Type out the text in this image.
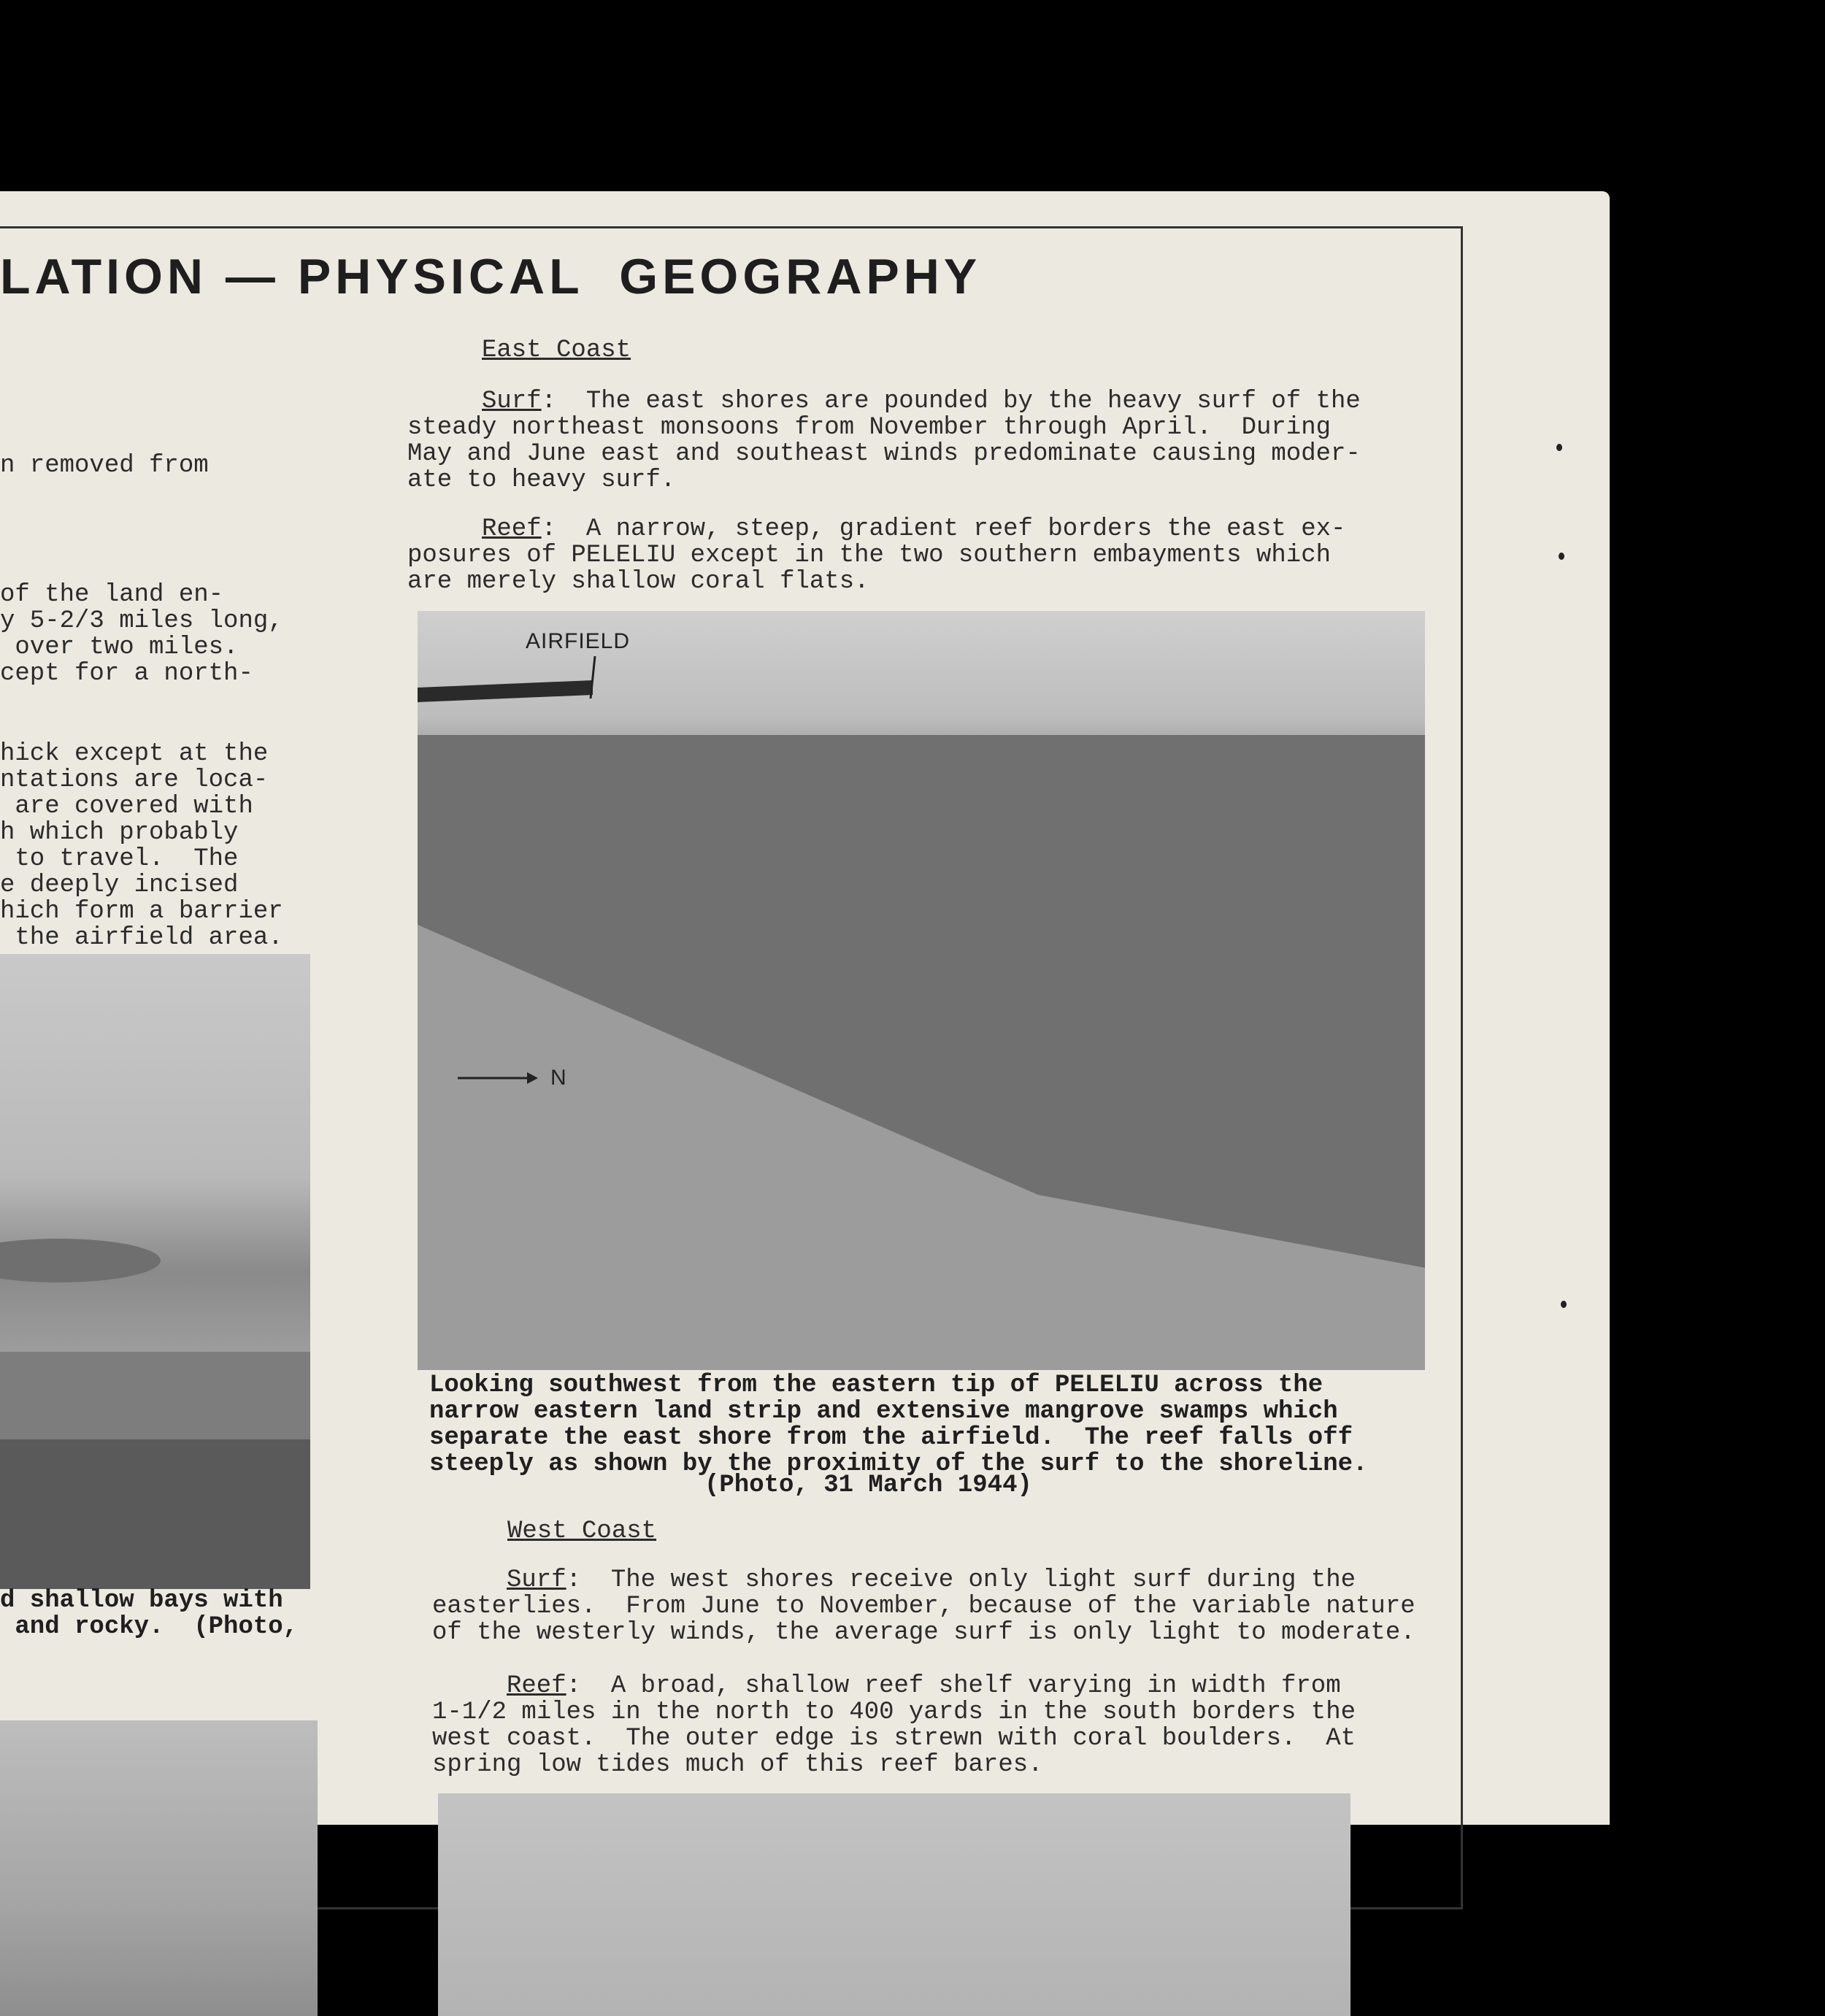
LATION — PHYSICAL  GEOGRAPHY
n removed from
of the land en-
y 5-2/3 miles long,
over two miles.
cept for a north-
hick except at the
ntations are loca-
are covered with
h which probably
to travel.  The
e deeply incised
hich form a barrier
the airfield area.
d shallow bays with
and rocky.  (Photo,
East Coast
Surf:  The east shores are pounded by the heavy surf of the
steady northeast monsoons from November through April.  During
May and June east and southeast winds predominate causing moder-
ate to heavy surf.
Reef:  A narrow, steep, gradient reef borders the east ex-
posures of PELELIU except in the two southern embayments which
are merely shallow coral flats.
AIRFIELD
N
Looking southwest from the eastern tip of PELELIU across the
narrow eastern land strip and extensive mangrove swamps which
separate the east shore from the airfield.  The reef falls off
steeply as shown by the proximity of the surf to the shoreline.
(Photo, 31 March 1944)
West Coast
Surf:  The west shores receive only light surf during the
easterlies.  From June to November, because of the variable nature
of the westerly winds, the average surf is only light to moderate.
Reef:  A broad, shallow reef shelf varying in width from
1-1/2 miles in the north to 400 yards in the south borders the
west coast.  The outer edge is strewn with coral boulders.  At
spring low tides much of this reef bares.
